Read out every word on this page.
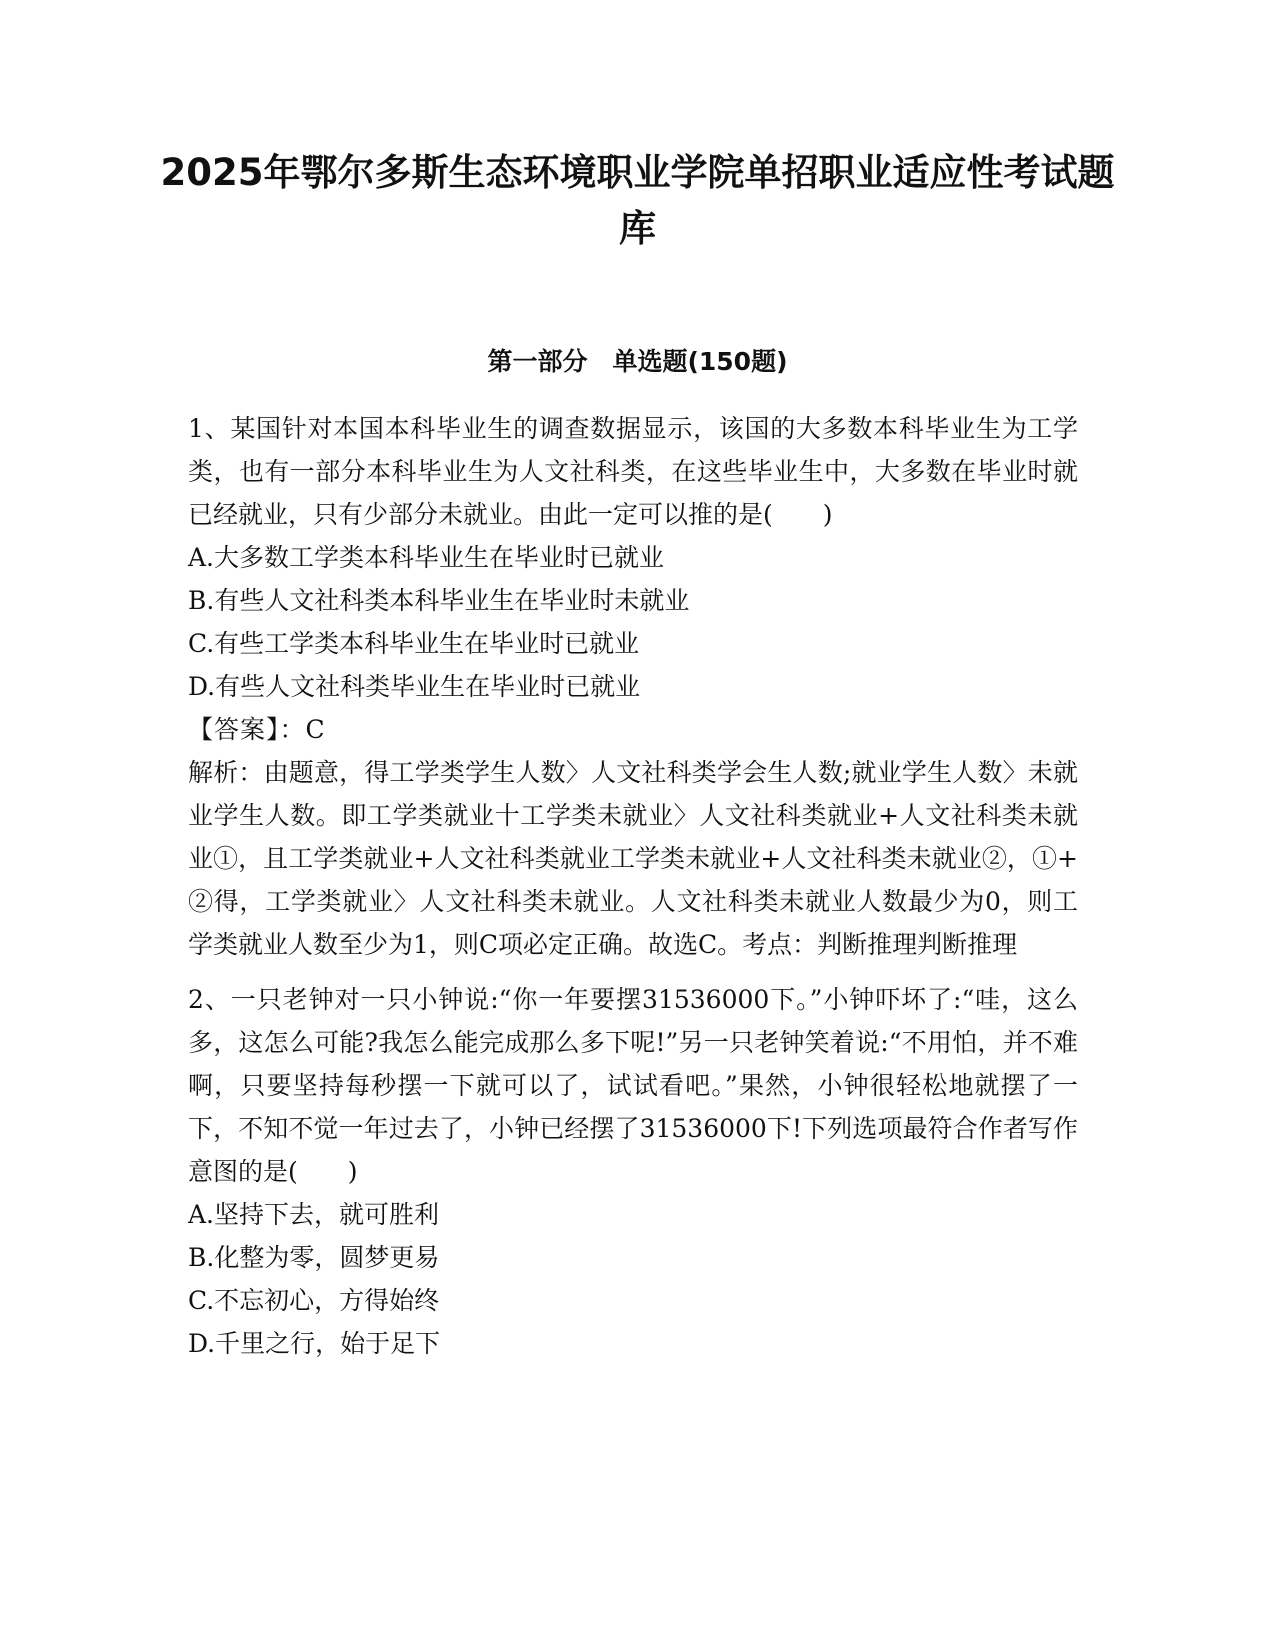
2025年鄂尔多斯生态环境职业学院单招职业适应性考试题库
第一部分　单选题(150题)

1、某国针对本国本科毕业生的调查数据显示，该国的大多数本科毕业生为工学类，也有一部分本科毕业生为人文社科类，在这些毕业生中，大多数在毕业时就已经就业，只有少部分未就业。由此一定可以推的是(　　)

A.大多数工学类本科毕业生在毕业时已就业

B.有些人文社科类本科毕业生在毕业时未就业

C.有些工学类本科毕业生在毕业时已就业

D.有些人文社科类毕业生在毕业时已就业

【答案】：C

解析：由题意，得工学类学生人数〉人文社科类学会生人数;就业学生人数〉未就业学生人数。即工学类就业十工学类未就业〉人文社科类就业+人文社科类未就业①，且工学类就业+人文社科类就业工学类未就业+人文社科类未就业②，①+②得，工学类就业〉人文社科类未就业。人文社科类未就业人数最少为0，则工学类就业人数至少为1，则C项必定正确。故选C。考点：判断推理判断推理

2、一只老钟对一只小钟说:“你一年要摆31536000下。”小钟吓坏了:“哇，这么多，这怎么可能?我怎么能完成那么多下呢!”另一只老钟笑着说:“不用怕，并不难啊，只要坚持每秒摆一下就可以了，试试看吧。”果然，小钟很轻松地就摆了一下，不知不觉一年过去了，小钟已经摆了31536000下!下列选项最符合作者写作意图的是(　　)

A.坚持下去，就可胜利

B.化整为零，圆梦更易

C.不忘初心，方得始终

D.千里之行，始于足下
